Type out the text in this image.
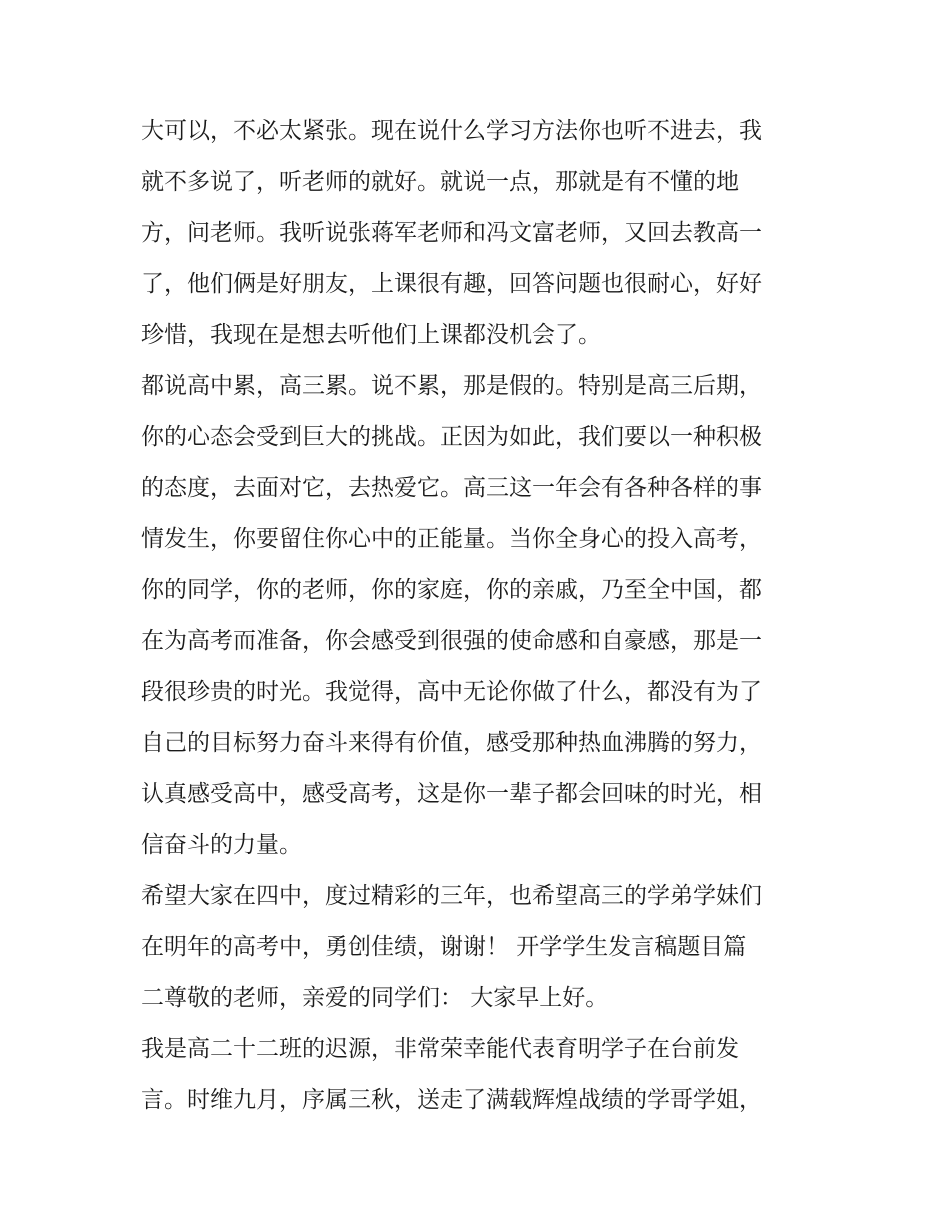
大可以，不必太紧张。现在说什么学习方法你也听不进去，我
就不多说了，听老师的就好。就说一点，那就是有不懂的地
方，问老师。我听说张蒋军老师和冯文富老师，又回去教高一
了，他们俩是好朋友，上课很有趣，回答问题也很耐心，好好
珍惜，我现在是想去听他们上课都没机会了。
都说高中累，高三累。说不累，那是假的。特别是高三后期，
你的心态会受到巨大的挑战。正因为如此，我们要以一种积极
的态度，去面对它，去热爱它。高三这一年会有各种各样的事
情发生，你要留住你心中的正能量。当你全身心的投入高考，
你的同学，你的老师，你的家庭，你的亲戚，乃至全中国，都
在为高考而准备，你会感受到很强的使命感和自豪感，那是一
段很珍贵的时光。我觉得，高中无论你做了什么，都没有为了
自己的目标努力奋斗来得有价值，感受那种热血沸腾的努力，
认真感受高中，感受高考，这是你一辈子都会回味的时光，相
信奋斗的力量。
希望大家在四中，度过精彩的三年，也希望高三的学弟学妹们
在明年的高考中，勇创佳绩，谢谢！ 开学学生发言稿题目篇
二尊敬的老师，亲爱的同学们： 大家早上好。
我是高二十二班的迟源，非常荣幸能代表育明学子在台前发
言。时维九月，序属三秋，送走了满载辉煌战绩的学哥学姐，
